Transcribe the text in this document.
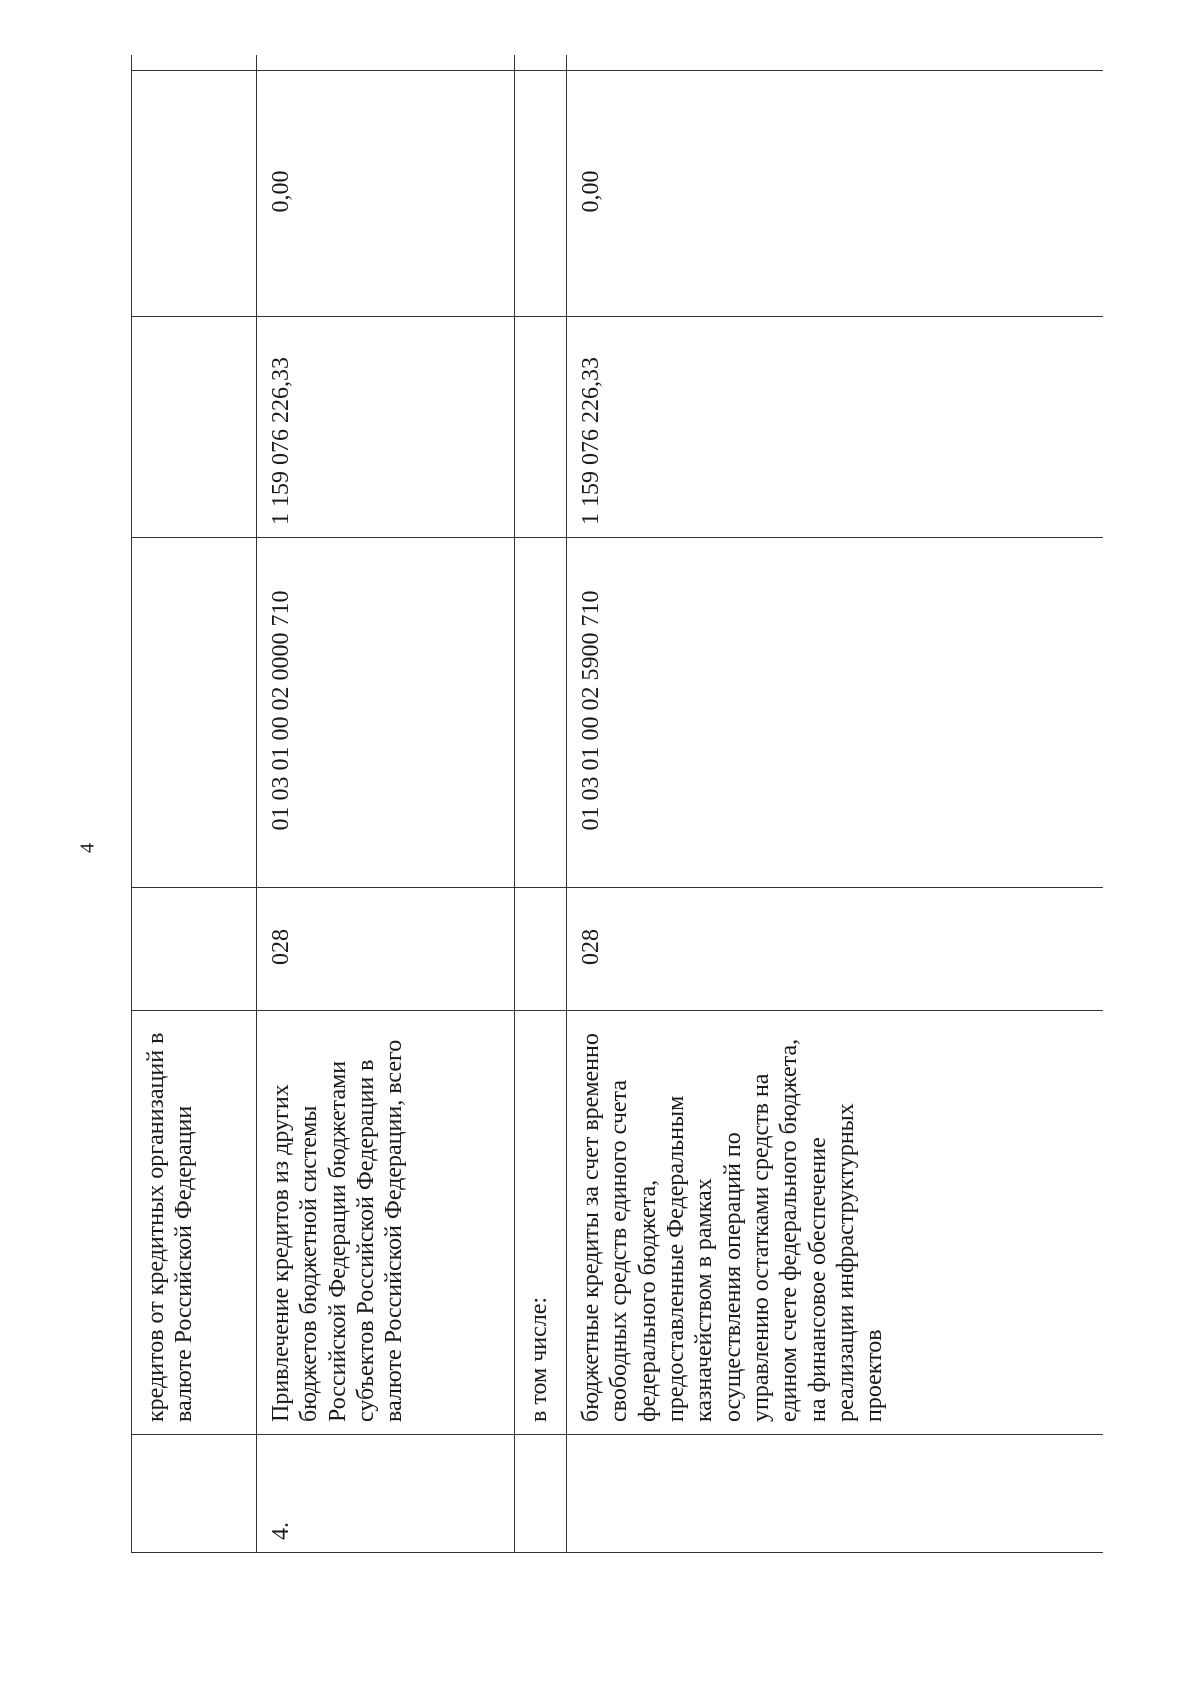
4
	кредитов от кредитных организаций в валюте Российской Федерации					
4.	Привлечение кредитов из других бюджетов бюджетной системы Российской Федерации бюджетами субъектов Российской Федерации в валюте Российской Федерации, всего	028	01 03 01 00 02 0000 710	1 159 076 226,33	0,00	
	в том числе:					
	бюджетные кредиты за счет временно свободных средств единого счета федерального бюджета, предоставленные Федеральным казначейством в рамках осуществления операций по управлению остатками средств на едином счете федерального бюджета, на финансовое обеспечение реализации инфраструктурных проектов	028	01 03 01 00 02 5900 710	1 159 076 226,33	0,00	
